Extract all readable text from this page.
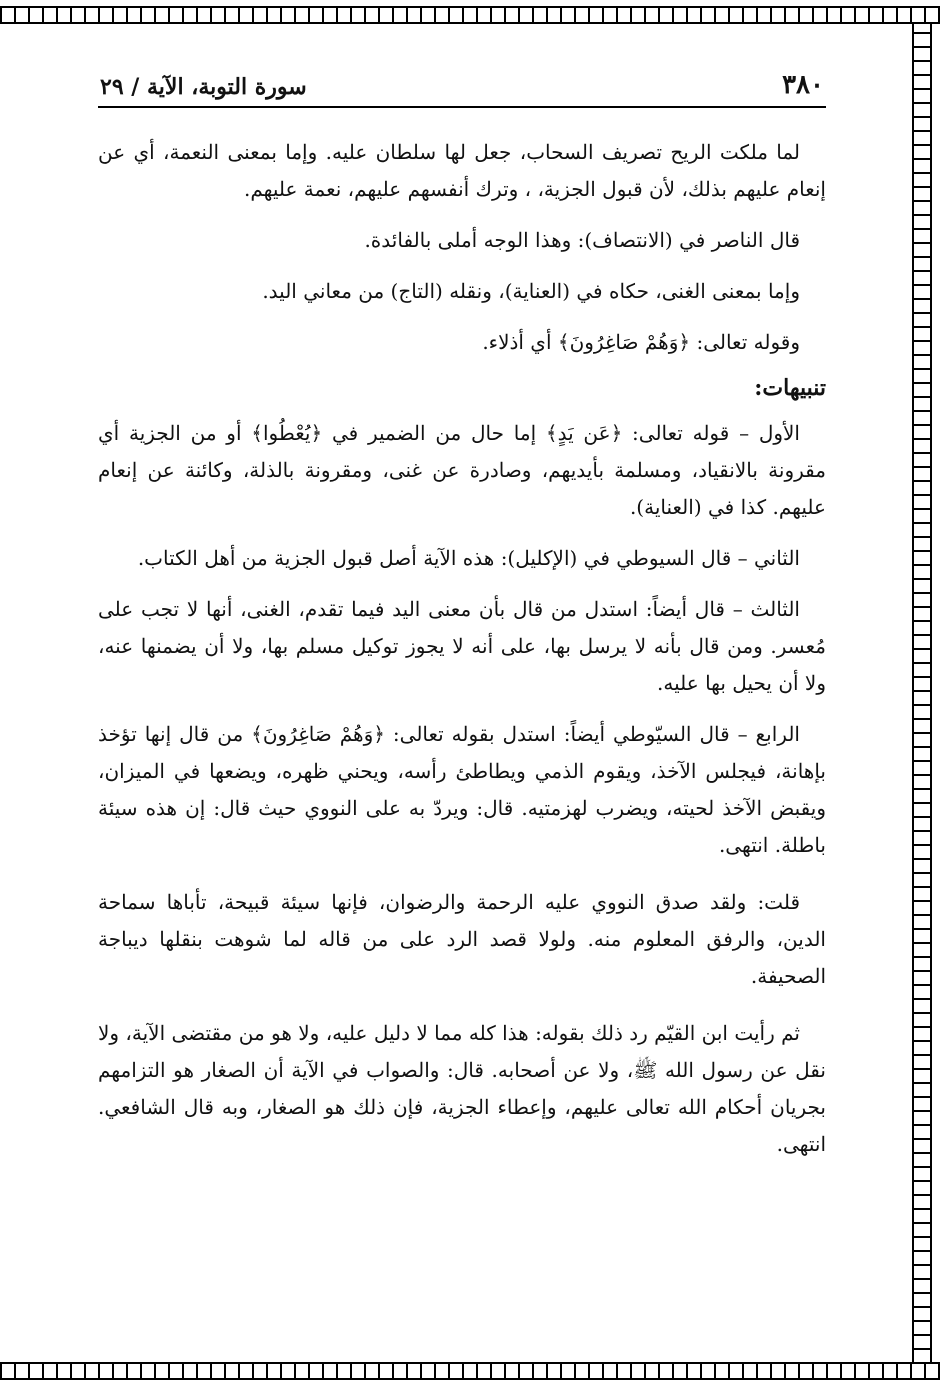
٣٨٠
سورة التوبة، الآية / ٢٩

لما ملكت الريح تصريف السحاب، جعل لها سلطان عليه. وإما بمعنى النعمة، أي عن إنعام عليهم بذلك، لأن قبول الجزية، ، وترك أنفسهم عليهم، نعمة عليهم.

قال الناصر في (الانتصاف): وهذا الوجه أملى بالفائدة.

وإما بمعنى الغنى، حكاه في (العناية)، ونقله (التاج) من معاني اليد.

وقوله تعالى: ﴿وَهُمْ صَاغِرُونَ﴾ أي أذلاء.

تنبيهات:

الأول – قوله تعالى: ﴿عَن يَدٍ﴾ إما حال من الضمير في ﴿يُعْطُوا﴾ أو من الجزية أي مقرونة بالانقياد، ومسلمة بأيديهم، وصادرة عن غنى، ومقرونة بالذلة، وكائنة عن إنعام عليهم. كذا في (العناية).

الثاني – قال السيوطي في (الإكليل): هذه الآية أصل قبول الجزية من أهل الكتاب.

الثالث – قال أيضاً: استدل من قال بأن معنى اليد فيما تقدم، الغنى، أنها لا تجب على مُعسر. ومن قال بأنه لا يرسل بها، على أنه لا يجوز توكيل مسلم بها، ولا أن يضمنها عنه، ولا أن يحيل بها عليه.

الرابع – قال السيّوطي أيضاً: استدل بقوله تعالى: ﴿وَهُمْ صَاغِرُونَ﴾ من قال إنها تؤخذ بإهانة، فيجلس الآخذ، ويقوم الذمي ويطاطئ رأسه، ويحني ظهره، ويضعها في الميزان، ويقبض الآخذ لحيته، ويضرب لهزمتيه. قال: ويردّ به على النووي حيث قال: إن هذه سيئة باطلة. انتهى.

قلت: ولقد صدق النووي عليه الرحمة والرضوان، فإنها سيئة قبيحة، تأباها سماحة الدين، والرفق المعلوم منه. ولولا قصد الرد على من قاله لما شوهت بنقلها ديباجة الصحيفة.

ثم رأيت ابن القيّم رد ذلك بقوله: هذا كله مما لا دليل عليه، ولا هو من مقتضى الآية، ولا نقل عن رسول الله ﷺ، ولا عن أصحابه. قال: والصواب في الآية أن الصغار هو التزامهم بجريان أحكام الله تعالى عليهم، وإعطاء الجزية، فإن ذلك هو الصغار، وبه قال الشافعي. انتهى.
